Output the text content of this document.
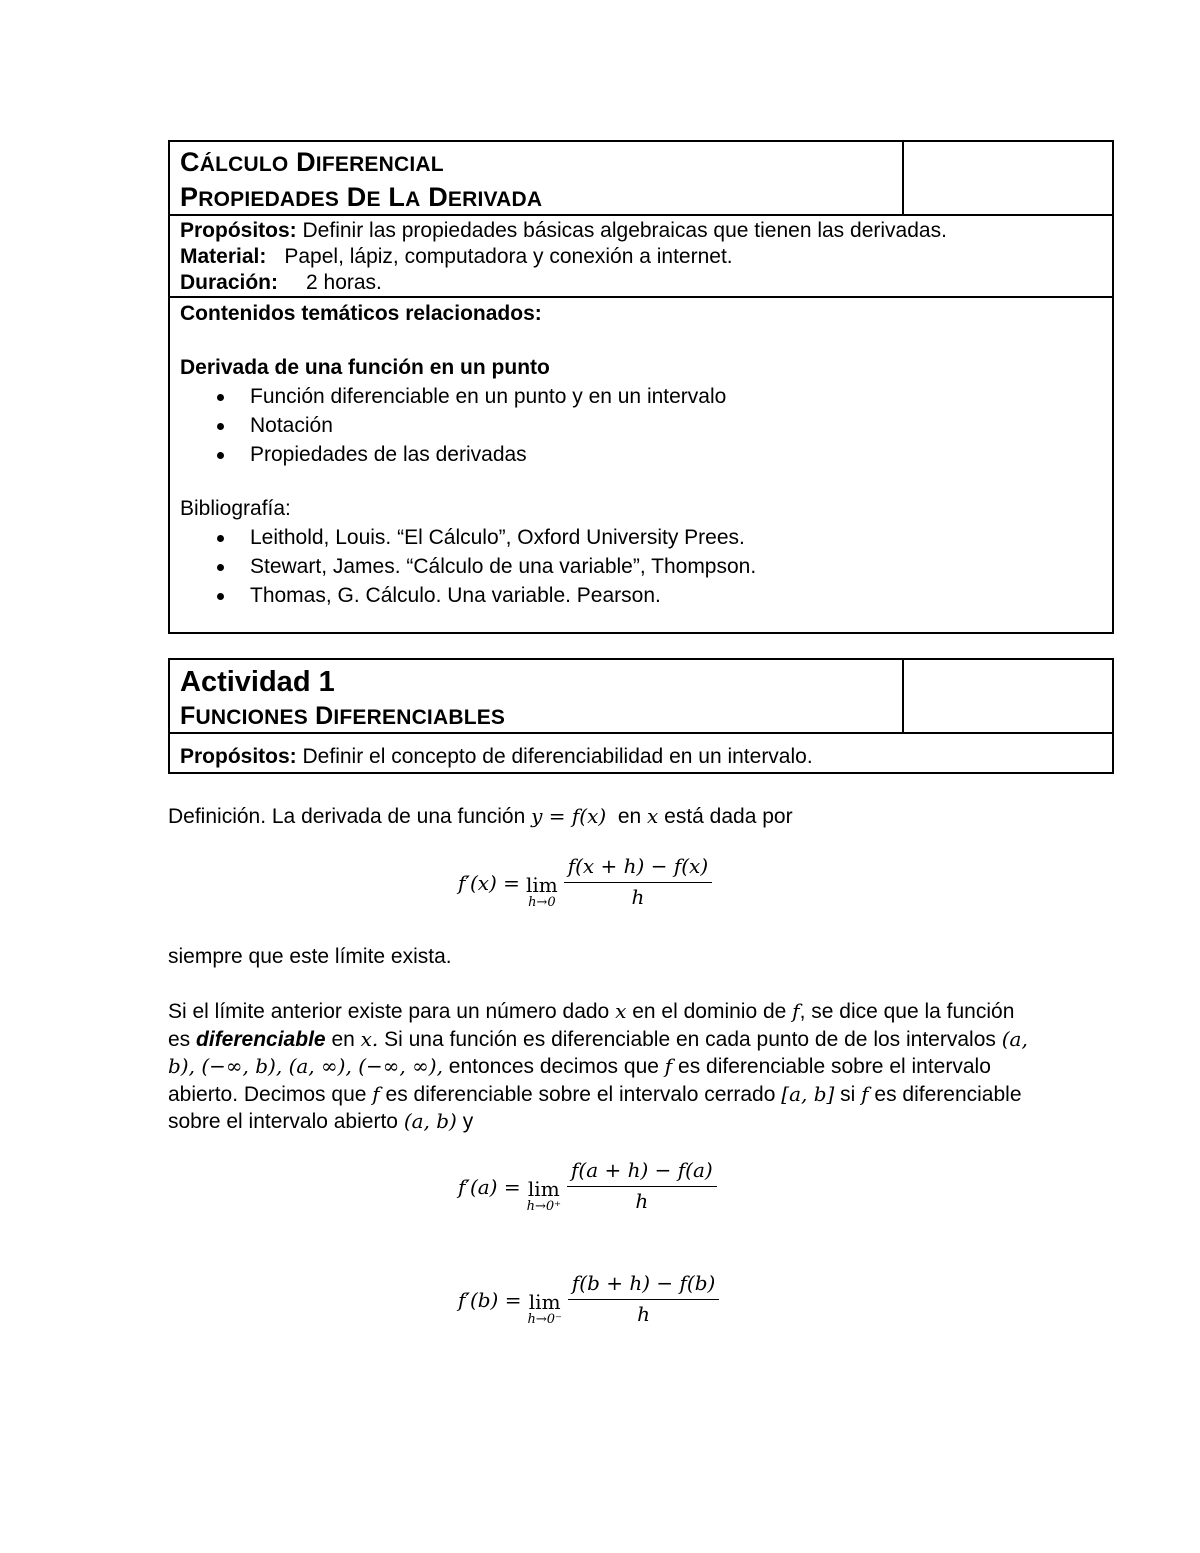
CÁLCULO DIFERENCIAL
PROPIEDADES DE LA DERIVADA
Propósitos: Definir las propiedades básicas algebraicas que tienen las derivadas.
Material: Papel, lápiz, computadora y conexión a internet.
Duración: 2 horas.
Contenidos temáticos relacionados:
Derivada de una función en un punto
Función diferenciable en un punto y en un intervalo
Notación
Propiedades de las derivadas
Bibliografía:
Leithold, Louis. “El Cálculo”, Oxford University Prees.
Stewart, James. “Cálculo de una variable”, Thompson.
Thomas, G. Cálculo. Una variable. Pearson.
Actividad 1
FUNCIONES DIFERENCIABLES
Propósitos: Definir el concepto de diferenciabilidad en un intervalo.
Definición. La derivada de una función y = f(x) en x está dada por
f′(x) = lim
$h\to 0 \frac{f(x + h) - f(x)}{h}$
siempre que este límite exista.
Si el límite anterior existe para un número dado x en el dominio de f, se dice que la función es diferenciable en x. Si una función es diferenciable en cada punto de de los intervalos (a, b), (−∞, b), (a, ∞), (−∞, ∞), entonces decimos que f es diferenciable sobre el intervalo abierto. Decimos que f es diferenciable sobre el intervalo cerrado [a, b] si f es diferenciable sobre el intervalo abierto (a, b) y
f′(a) = lim
$h\to 0^+ \frac{f(a + h) - f(a)}{h}$
f′(b) = lim
$h\to 0^- \frac{f(b + h) - f(b)}{h}$
